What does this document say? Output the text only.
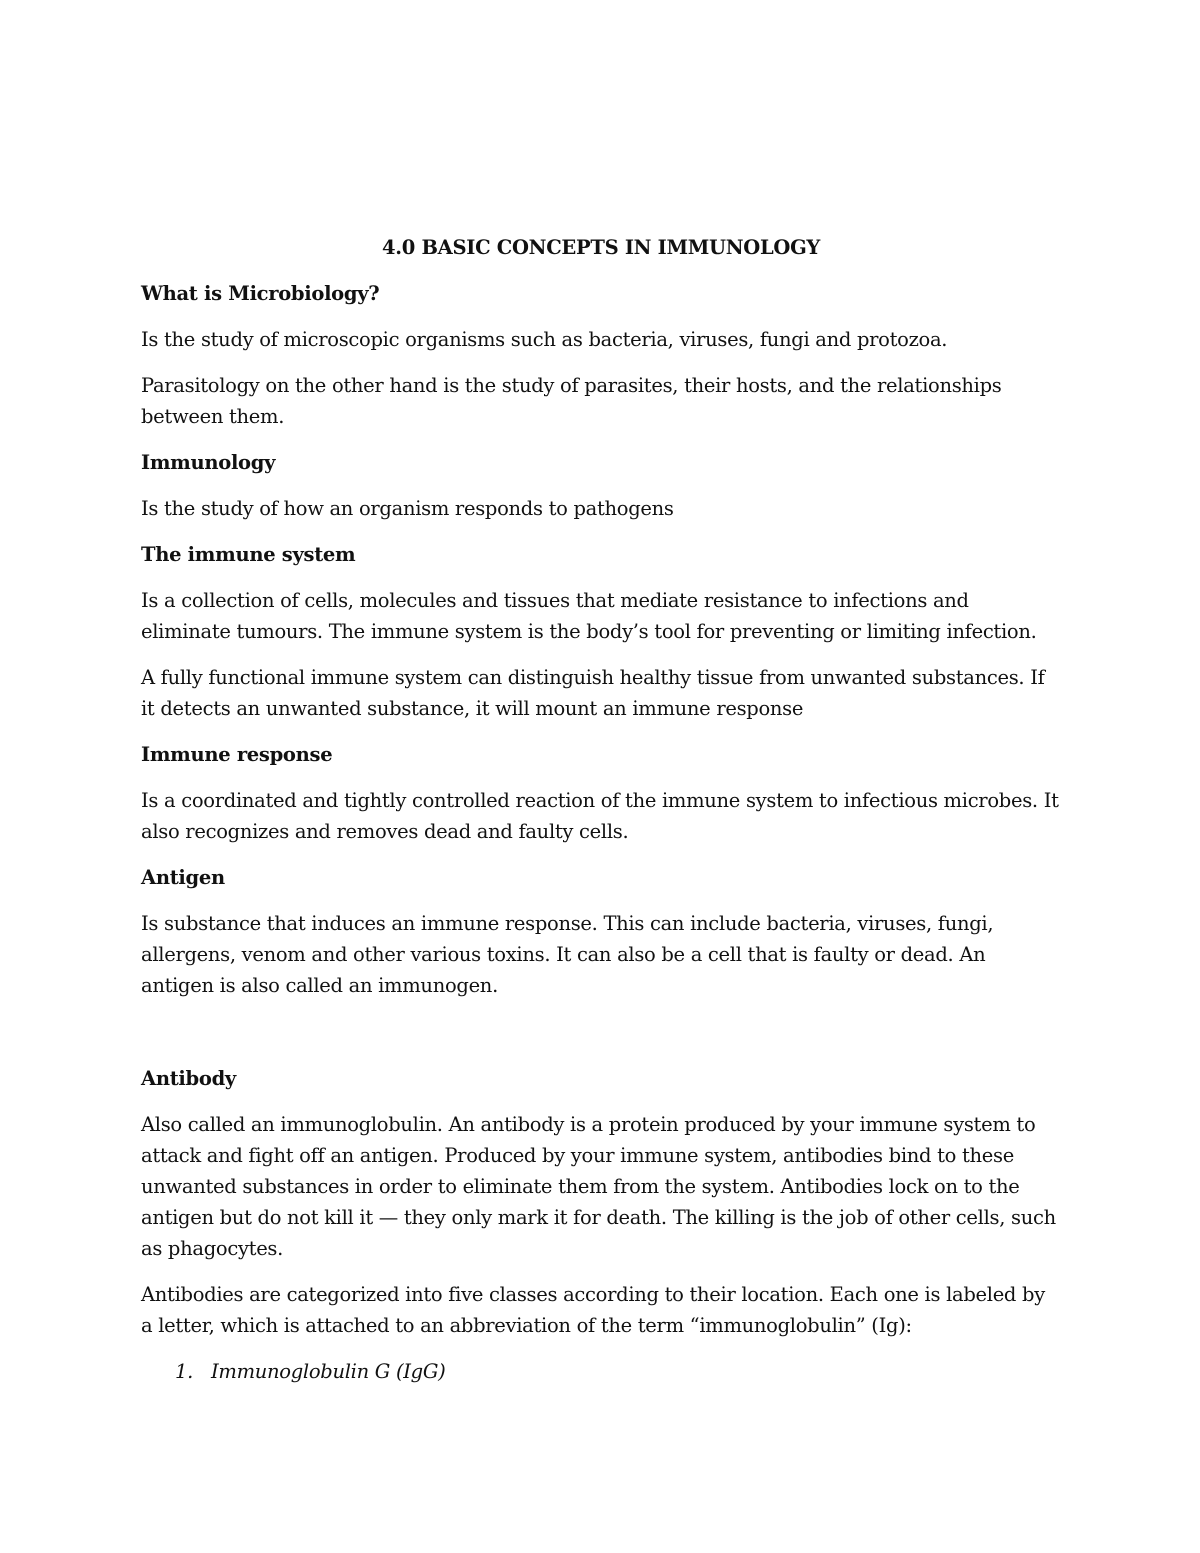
4.0 BASIC CONCEPTS IN IMMUNOLOGY
What is Microbiology?

Is the study of microscopic organisms such as bacteria, viruses, fungi and protozoa.

Parasitology on the other hand is the study of parasites, their hosts, and the relationships between them.

Immunology

Is the study of how an organism responds to pathogens

The immune system

Is a collection of cells, molecules and tissues that mediate resistance to infections and eliminate tumours. The immune system is the body’s tool for preventing or limiting infection.

A fully functional immune system can distinguish healthy tissue from unwanted substances. If it detects an unwanted substance, it will mount an immune response

Immune response

Is a coordinated and tightly controlled reaction of the immune system to infectious microbes. It also recognizes and removes dead and faulty cells.

Antigen

Is substance that induces an immune response. This can include bacteria, viruses, fungi, allergens, venom and other various toxins. It can also be a cell that is faulty or dead. An antigen is also called an immunogen.

Antibody

Also called an immunoglobulin. An antibody is a protein produced by your immune system to attack and fight off an antigen. Produced by your immune system, antibodies bind to these unwanted substances in order to eliminate them from the system. Antibodies lock on to the antigen but do not kill it — they only mark it for death. The killing is the job of other cells, such as phagocytes.

Antibodies are categorized into five classes according to their location. Each one is labeled by a letter, which is attached to an abbreviation of the term “immunoglobulin” (Ig):

1. Immunoglobulin G (IgG)
